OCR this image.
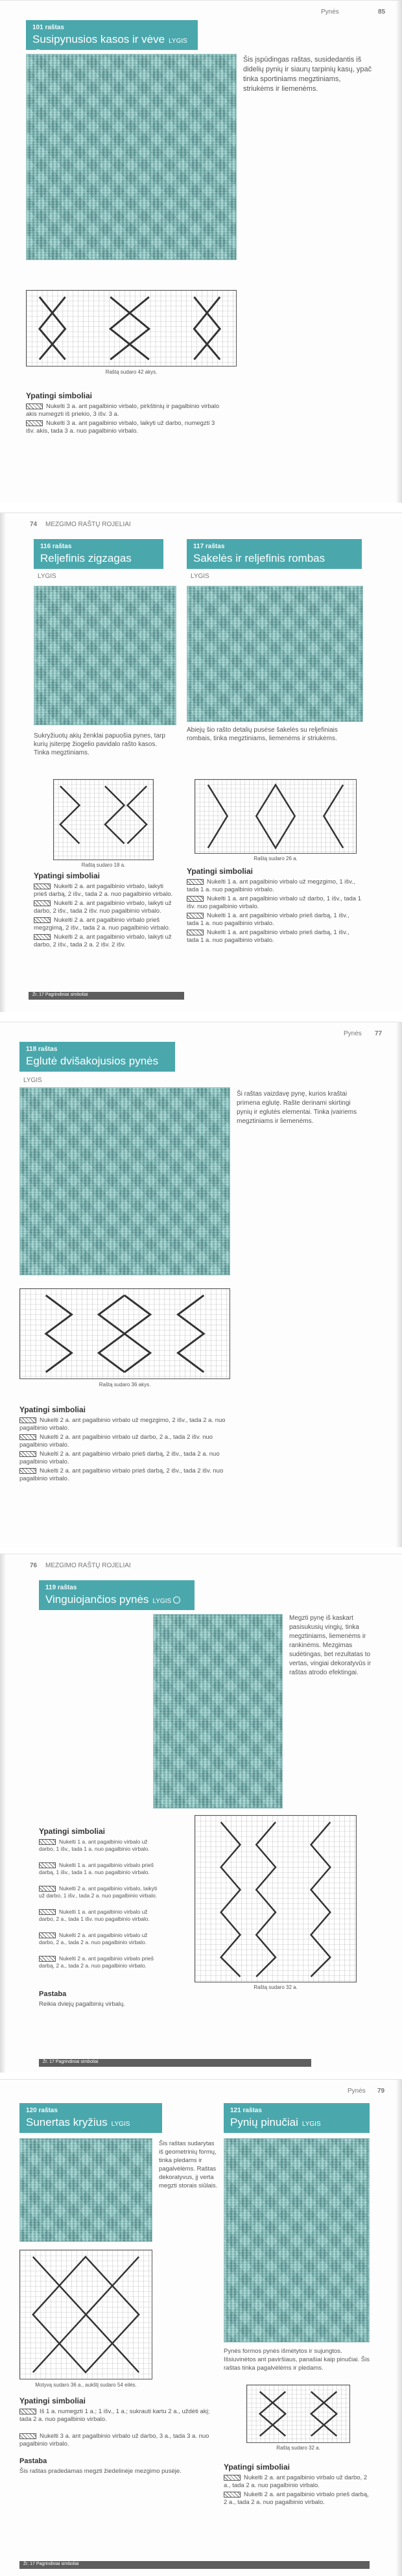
Pynės	85
101 raštas
Susipynusios kasos ir vėve LYGIS
Šis įspūdingas raštas, susidedantis iš didelių pynių ir siaurų tarpinių kasų, ypač tinka sportiniams megztiniams, striukėms ir liemenėms.
Raštą sudaro 42 akys.
Ypatingi simboliai
Nukelti 3 a. ant pagalbinio virbalo, pirkštinių ir pagalbinio virbalo akis numegzti iš priekio, 3 išv. 3 a.
Nukelti 3 a. ant pagalbinio virbalo, laikyti už darbo, numegzti 3 išv. akis, tada 3 a. nuo pagalbinio virbalo.
74 MEZGIMO RAŠTŲ ROJELIAI
116 raštas
Reljefinis zigzagas
LYGIS
117 raštas
Sakelės ir reljefinis rombas
LYGIS
Sukryžiuotų akių ženklai papuošia pynes, tarp kurių įsiterpę žiogelio pavidalo rašto kasos. Tinka megztiniams.
Abiejų šio rašto detalių pusėse šakelės su reljefiniais rombais, tinka megztiniams, liemenėms ir striukėms.
Raštą sudaro 18 a.
Raštą sudaro 26 a.
Ypatingi simboliai
Nukelti 2 a. ant pagalbinio virbalo, laikyti prieš darbą, 2 išv., tada 2 a. nuo pagalbinio virbalo.
Nukelti 2 a. ant pagalbinio virbalo, laikyti už darbo, 2 išv., tada 2 išv. nuo pagalbinio virbalo.
Nukelti 2 a. ant pagalbinio virbalo prieš megzgimą, 2 išv., tada 2 a. nuo pagalbinio virbalo.
Nukelti 2 a. ant pagalbinio virbalo, laikyti už darbo, 2 išv., tada 2 a. 2 išv. 2 išv.
Ypatingi simboliai
Nukelti 1 a. ant pagalbinio virbalo už megzgimo, 1 išv., tada 1 a. nuo pagalbinio virbalo.
Nukelti 1 a. ant pagalbinio virbalo už darbo, 1 išv., tada 1 išv. nuo pagalbinio virbalo.
Nukelti 1 a. ant pagalbinio virbalo prieš darbą, 1 išv., tada 1 a. nuo pagalbinio virbalo.
Nukelti 1 a. ant pagalbinio virbalo prieš darbą, 1 išv., tada 1 a. nuo pagalbinio virbalo.
Žr. 17 Pagrindiniai simboliai
Pynės 77
118 raštas
Eglutė dvišakojusios pynės
LYGIS
Ši raštas vaizdavę pynę, kurios kraštai primena eglutę. Rašte derinami skirtingi pynių ir eglutės elementai. Tinka įvairiems megztiniams ir liemenėms.
Raštą sudaro 36 akys.
Ypatingi simboliai
Nukelti 2 a. ant pagalbinio virbalo už megzgimo, 2 išv., tada 2 a. nuo pagalbinio virbalo.
Nukelti 2 a. ant pagalbinio virbalo už darbo, 2 a., tada 2 išv. nuo pagalbinio virbalo.
Nukelti 2 a. ant pagalbinio virbalo prieš darbą, 2 išv., tada 2 a. nuo pagalbinio virbalo.
Nukelti 2 a. ant pagalbinio virbalo prieš darbą, 2 išv., tada 2 išv. nuo pagalbinio virbalo.
76 MEZGIMO RAŠTŲ ROJELIAI
119 raštas
Vinguiojančios pynės LYGIS
Megzti pynę iš kaskart pasisukusių vingių, tinka megztiniams, liemenėms ir rankinėms. Mezgimas sudėtingas, bet rezultatas to vertas, vingiai dekoratyvūs ir raštas atrodo efektingai.
Ypatingi simboliai
Nukelti 1 a. ant pagalbinio virbalo už darbo, 1 išv., tada 1 a. nuo pagalbinio virbalo.
Nukelti 1 a. ant pagalbinio virbalo prieš darbą, 1 išv., tada 1 a. nuo pagalbinio virbalo.
Nukelti 2 a. ant pagalbinio virbalo, laikyti už darbo, 1 išv., tada 2 a. nuo pagalbinio virbalo.
Nukelti 1 a. ant pagalbinio virbalo už darbo, 2 a., tada 1 išv. nuo pagalbinio virbalo.
Nukelti 2 a. ant pagalbinio virbalo už darbo, 2 a., tada 2 a. nuo pagalbinio virbalo.
Nukelti 2 a. ant pagalbinio virbalo prieš darbą, 2 a., tada 2 a. nuo pagalbinio virbalo.
Pastaba
Reikia dviejų pagalbinių virbalų.
Raštą sudaro 32 a.
Žr. 17 Pagrindiniai simboliai
Pynės 79
120 raštas
Sunertas kryžius LYGIS
121 raštas
Pynių pinučiai LYGIS
Šis raštas sudarytas iš geometrinių formų, tinka pledams ir pagalvėlėms. Raštas dekoratyvus, jį verta megzti storais siūlais.
Pynės formos pynės išmėtytos ir sujungtos. Išsiuvinėtos ant paviršiaus, panašiai kaip pinučiai. Šis raštas tinka pagalvėlėms ir pledams.
Motyvą sudaro 36 a., aukštį sudaro 54 eilės.
Raštą sudaro 32 a.
Ypatingi simboliai
Iš 1 a. numegzti 1 a.; 1 išv., 1 a.; sukrauti kartu 2 a., uždėti akį; tada 2 a. nuo pagalbinio virbalo.
Nukelti 3 a. ant pagalbinio virbalo už darbo, 3 a., tada 3 a. nuo pagalbinio virbalo.
Pastaba
Šis raštas pradedamas megzti žiedelinėje mezgimo pusėje.	Ypatingi simboliai
Nukelti 2 a. ant pagalbinio virbalo už darbo, 2 a., tada 2 a. nuo pagalbinio virbalo.
Nukelti 2 a. ant pagalbinio virbalo prieš darbą, 2 a., tada 2 a. nuo pagalbinio virbalo.
Žr. 17 Pagrindiniai simboliai
